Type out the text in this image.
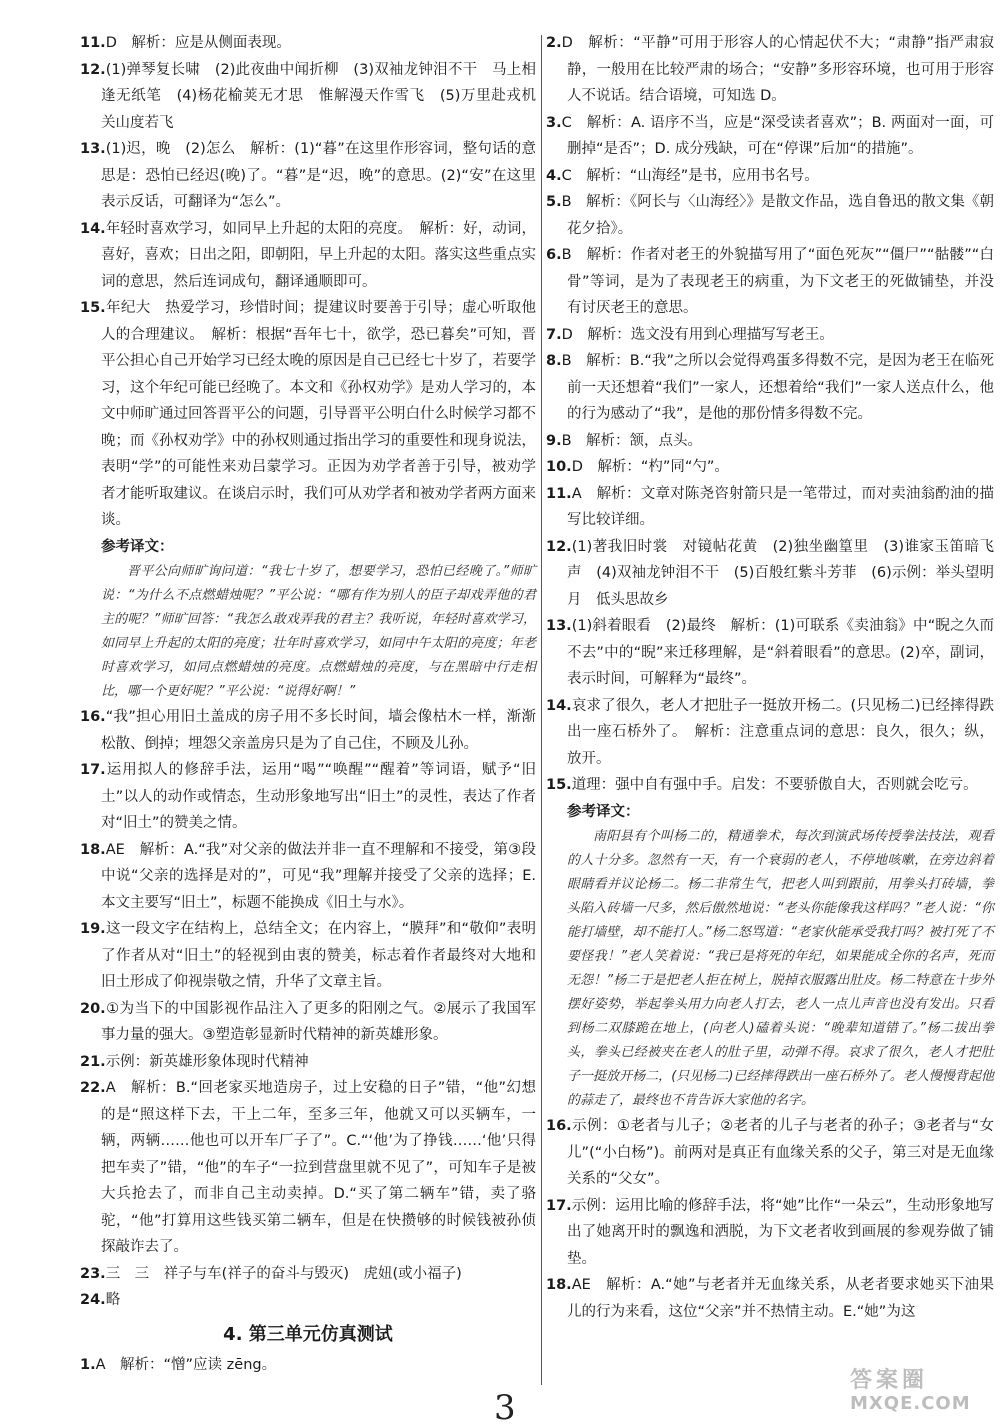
11.D　解析：应是从侧面表现。

12.(1)弹琴复长啸　(2)此夜曲中闻折柳　(3)双袖龙钟泪不干　马上相逢无纸笔　(4)杨花榆荚无才思　惟解漫天作雪飞　(5)万里赴戎机　关山度若飞

13.(1)迟，晚　(2)怎么　解析：(1)“暮”在这里作形容词，整句话的意思是：恐怕已经迟(晚)了。“暮”是“迟，晚”的意思。(2)“安”在这里表示反话，可翻译为“怎么”。

14.年轻时喜欢学习，如同早上升起的太阳的亮度。　解析：好，动词，喜好，喜欢；日出之阳，即朝阳，早上升起的太阳。落实这些重点实词的意思，然后连词成句，翻译通顺即可。

15.年纪大　热爱学习，珍惜时间；提建议时要善于引导；虚心听取他人的合理建议。　解析：根据“吾年七十，欲学，恐已暮矣”可知，晋平公担心自己开始学习已经太晚的原因是自己已经七十岁了，若要学习，这个年纪可能已经晚了。本文和《孙权劝学》是劝人学习的，本文中师旷通过回答晋平公的问题，引导晋平公明白什么时候学习都不晚；而《孙权劝学》中的孙权则通过指出学习的重要性和现身说法，表明“学”的可能性来劝吕蒙学习。正因为劝学者善于引导，被劝学者才能听取建议。在谈启示时，我们可从劝学者和被劝学者两方面来谈。

参考译文：

晋平公向师旷询问道：“我七十岁了，想要学习，恐怕已经晚了。”师旷说：“为什么不点燃蜡烛呢？”平公说：“哪有作为别人的臣子却戏弄他的君主的呢？”师旷回答：“我怎么敢戏弄我的君主？我听说，年轻时喜欢学习，如同早上升起的太阳的亮度；壮年时喜欢学习，如同中午太阳的亮度；年老时喜欢学习，如同点燃蜡烛的亮度。点燃蜡烛的亮度，与在黑暗中行走相比，哪一个更好呢？”平公说：“说得好啊！”

16.“我”担心用旧土盖成的房子用不多长时间，墙会像枯木一样，渐渐松散、倒掉；埋怨父亲盖房只是为了自己住，不顾及儿孙。

17.运用拟人的修辞手法，运用“喝”“唤醒”“醒着”等词语，赋予“旧土”以人的动作或情态，生动形象地写出“旧土”的灵性，表达了作者对“旧土”的赞美之情。

18.AE　解析：A.“我”对父亲的做法并非一直不理解和不接受，第③段中说“父亲的选择是对的”，可见“我”理解并接受了父亲的选择；E. 本文主要写“旧土”，标题不能换成《旧土与水》。

19.这一段文字在结构上，总结全文；在内容上，“膜拜”和“敬仰”表明了作者从对“旧土”的轻视到由衷的赞美，标志着作者最终对大地和旧土形成了仰视崇敬之情，升华了文章主旨。

20.①为当下的中国影视作品注入了更多的阳刚之气。②展示了我国军事力量的强大。③塑造彰显新时代精神的新英雄形象。

21.示例：新英雄形象体现时代精神

22.A　解析：B.“回老家买地造房子，过上安稳的日子”错，“他”幻想的是“照这样下去，干上二年，至多三年，他就又可以买辆车，一辆，两辆……他也可以开车厂子了”。C.“‘他’为了挣钱……‘他’只得把车卖了”错，“他”的车子“一拉到营盘里就不见了”，可知车子是被大兵抢去了，而非自己主动卖掉。D.“买了第二辆车”错，卖了骆驼，“他”打算用这些钱买第二辆车，但是在快攒够的时候钱被孙侦探敲诈去了。

23.三　三　祥子与车(祥子的奋斗与毁灭)　虎妞(或小福子)

24.略

4. 第三单元仿真测试

1.A　解析：“憎”应读 zēng。

2.D　解析：“平静”可用于形容人的心情起伏不大；“肃静”指严肃寂静，一般用在比较严肃的场合；“安静”多形容环境，也可用于形容人不说话。结合语境，可知选 D。

3.C　解析：A. 语序不当，应是“深受读者喜欢”；B. 两面对一面，可删掉“是否”；D. 成分残缺，可在“停课”后加“的措施”。

4.C　解析：“山海经”是书，应用书名号。

5.B　解析：《阿长与〈山海经〉》是散文作品，选自鲁迅的散文集《朝花夕拾》。

6.B　解析：作者对老王的外貌描写用了“面色死灰”“僵尸”“骷髅”“白骨”等词，是为了表现老王的病重，为下文老王的死做铺垫，并没有讨厌老王的意思。

7.D　解析：选文没有用到心理描写写老王。

8.B　解析：B.“我”之所以会觉得鸡蛋多得数不完，是因为老王在临死前一天还想着“我们”一家人，还想着给“我们”一家人送点什么，他的行为感动了“我”，是他的那份情多得数不完。

9.B　解析：颔，点头。

10.D　解析：“杓”同“勺”。

11.A　解析：文章对陈尧咨射箭只是一笔带过，而对卖油翁酌油的描写比较详细。

12.(1)著我旧时裳　对镜帖花黄　(2)独坐幽篁里　(3)谁家玉笛暗飞声　(4)双袖龙钟泪不干　(5)百般红紫斗芳菲　(6)示例：举头望明月　低头思故乡

13.(1)斜着眼看　(2)最终　解析：(1)可联系《卖油翁》中“睨之久而不去”中的“睨”来迁移理解，是“斜着眼看”的意思。(2)卒，副词，表示时间，可解释为“最终”。

14.哀求了很久，老人才把肚子一挺放开杨二。(只见杨二)已经摔得跌出一座石桥外了。　解析：注意重点词的意思：良久，很久；纵，放开。

15.道理：强中自有强中手。启发：不要骄傲自大，否则就会吃亏。

参考译文：

南阳县有个叫杨二的，精通拳术，每次到演武场传授拳法技法，观看的人十分多。忽然有一天，有一个衰弱的老人，不停地咳嗽，在旁边斜着眼睛看并议论杨二。杨二非常生气，把老人叫到跟前，用拳头打砖墙，拳头陷入砖墙一尺多，然后傲然地说：“老头你能像我这样吗？”老人说：“你能打墙壁，却不能打人。”杨二怒骂道：“老家伙能承受我打吗？被打死了不要怪我！”老人笑着说：“我已是将死的年纪，如果能成全你的名声，死而无怨！”杨二于是把老人拒在树上，脱掉衣服露出肚皮。杨二特意在十步外摆好姿势，举起拳头用力向老人打去，老人一点儿声音也没有发出。只看到杨二双膝跪在地上，(向老人)磕着头说：“晚辈知道错了。”杨二拔出拳头，拳头已经被夹在老人的肚子里，动弹不得。哀求了很久，老人才把肚子一挺放开杨二，(只见杨二)已经摔得跌出一座石桥外了。老人慢慢背起他的蒜走了，最终也不肯告诉大家他的名字。

16.示例：①老者与儿子；②老者的儿子与老者的孙子；③老者与“女儿”(“小白杨”)。前两对是真正有血缘关系的父子，第三对是无血缘关系的“父女”。

17.示例：运用比喻的修辞手法，将“她”比作“一朵云”，生动形象地写出了她离开时的飘逸和洒脱，为下文老者收到画展的参观券做了铺垫。

18.AE　解析：A.“她”与老者并无血缘关系，从老者要求她买下油果儿的行为来看，这位“父亲”并不热情主动。E.“她”为这

3
答案圈
MXQE.COM
